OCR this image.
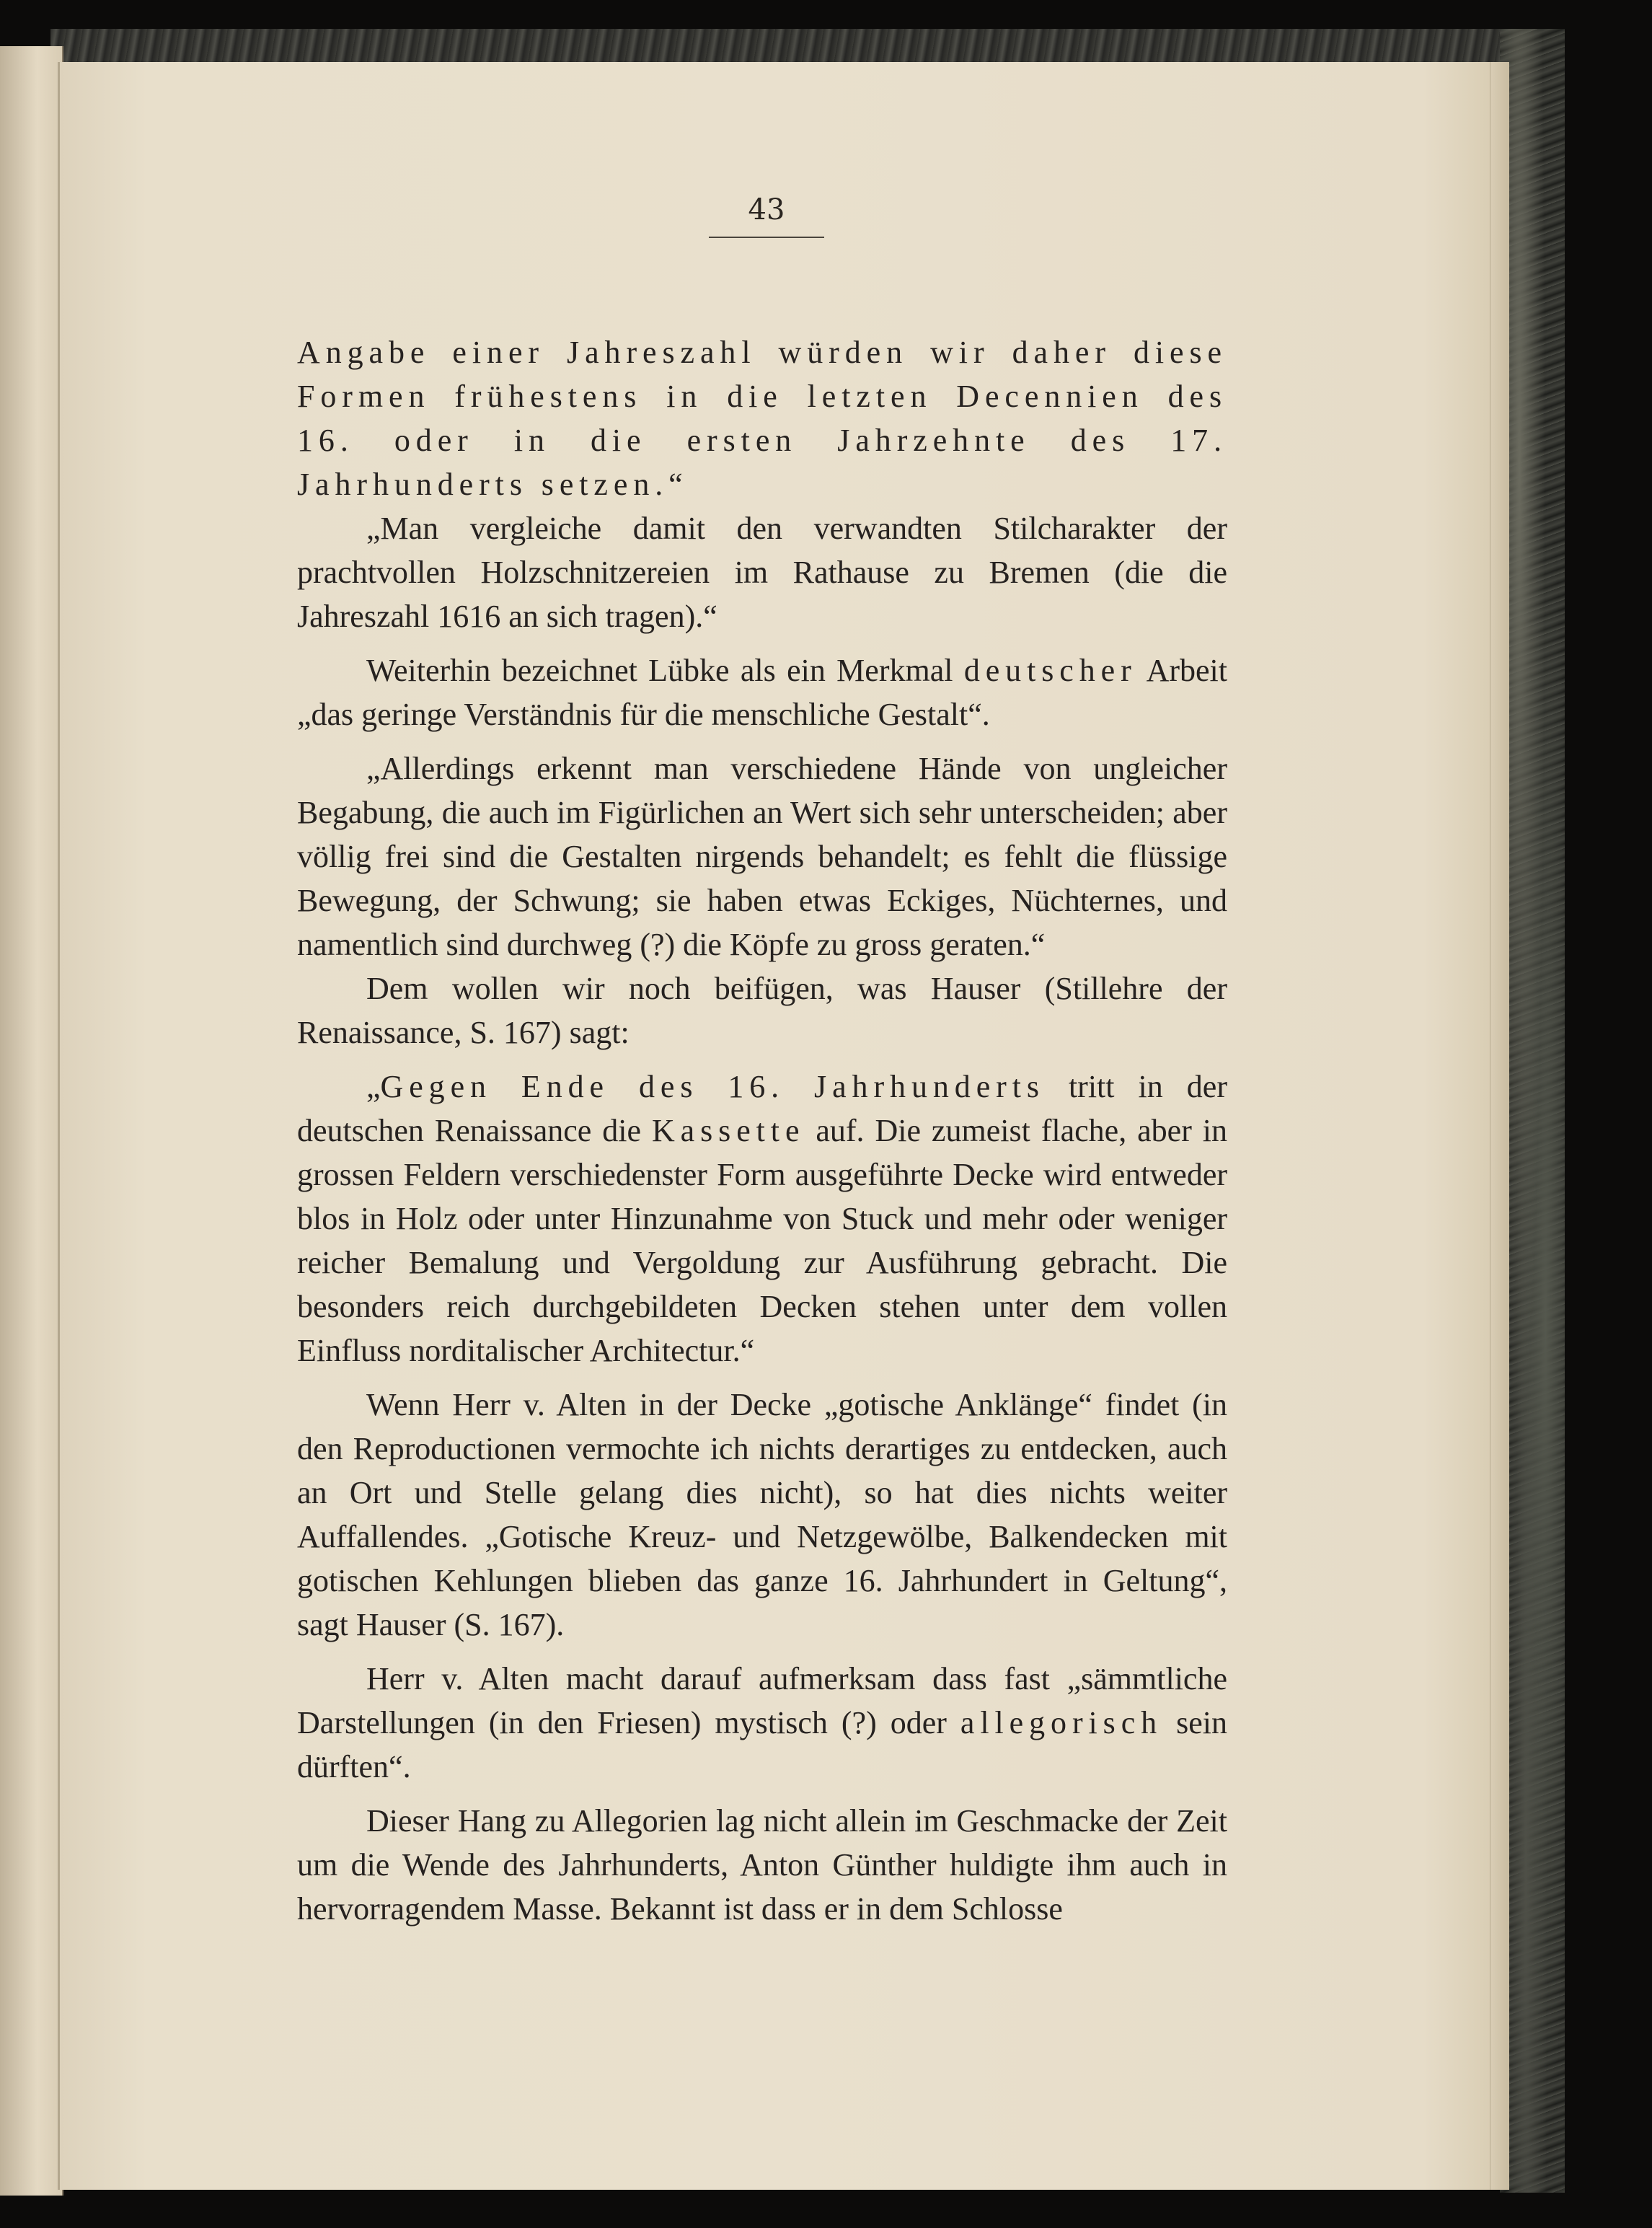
43

Angabe einer Jahreszahl würden wir daher diese Formen frühestens in die letzten Decennien des 16. oder in die ersten Jahrzehnte des 17. Jahrhunderts setzen.“

„Man vergleiche damit den verwandten Stilcharakter der prachtvollen Holzschnitzereien im Rathause zu Bremen (die die Jahreszahl 1616 an sich tragen).“

Weiterhin bezeichnet Lübke als ein Merkmal deutscher Arbeit „das geringe Verständnis für die menschliche Gestalt“.

„Allerdings erkennt man verschiedene Hände von ungleicher Begabung, die auch im Figürlichen an Wert sich sehr unterscheiden; aber völlig frei sind die Gestalten nirgends behandelt; es fehlt die flüssige Bewegung, der Schwung; sie haben etwas Eckiges, Nüchternes, und namentlich sind durchweg (?) die Köpfe zu gross geraten.“

Dem wollen wir noch beifügen, was Hauser (Stillehre der Renaissance, S. 167) sagt:

„Gegen Ende des 16. Jahrhunderts tritt in der deutschen Renaissance die Kassette auf. Die zumeist flache, aber in grossen Feldern verschiedenster Form ausgeführte Decke wird entweder blos in Holz oder unter Hinzunahme von Stuck und mehr oder weniger reicher Bemalung und Vergoldung zur Ausführung gebracht. Die besonders reich durchgebildeten Decken stehen unter dem vollen Einfluss norditalischer Architectur.“

Wenn Herr v. Alten in der Decke „gotische Anklänge“ findet (in den Reproductionen vermochte ich nichts derartiges zu entdecken, auch an Ort und Stelle gelang dies nicht), so hat dies nichts weiter Auffallendes. „Gotische Kreuz- und Netzgewölbe, Balkendecken mit gotischen Kehlungen blieben das ganze 16. Jahrhundert in Geltung“, sagt Hauser (S. 167).

Herr v. Alten macht darauf aufmerksam dass fast „sämmtliche Darstellungen (in den Friesen) mystisch (?) oder allegorisch sein dürften“.

Dieser Hang zu Allegorien lag nicht allein im Geschmacke der Zeit um die Wende des Jahrhunderts, Anton Günther huldigte ihm auch in hervorragendem Masse. Bekannt ist dass er in dem Schlosse
